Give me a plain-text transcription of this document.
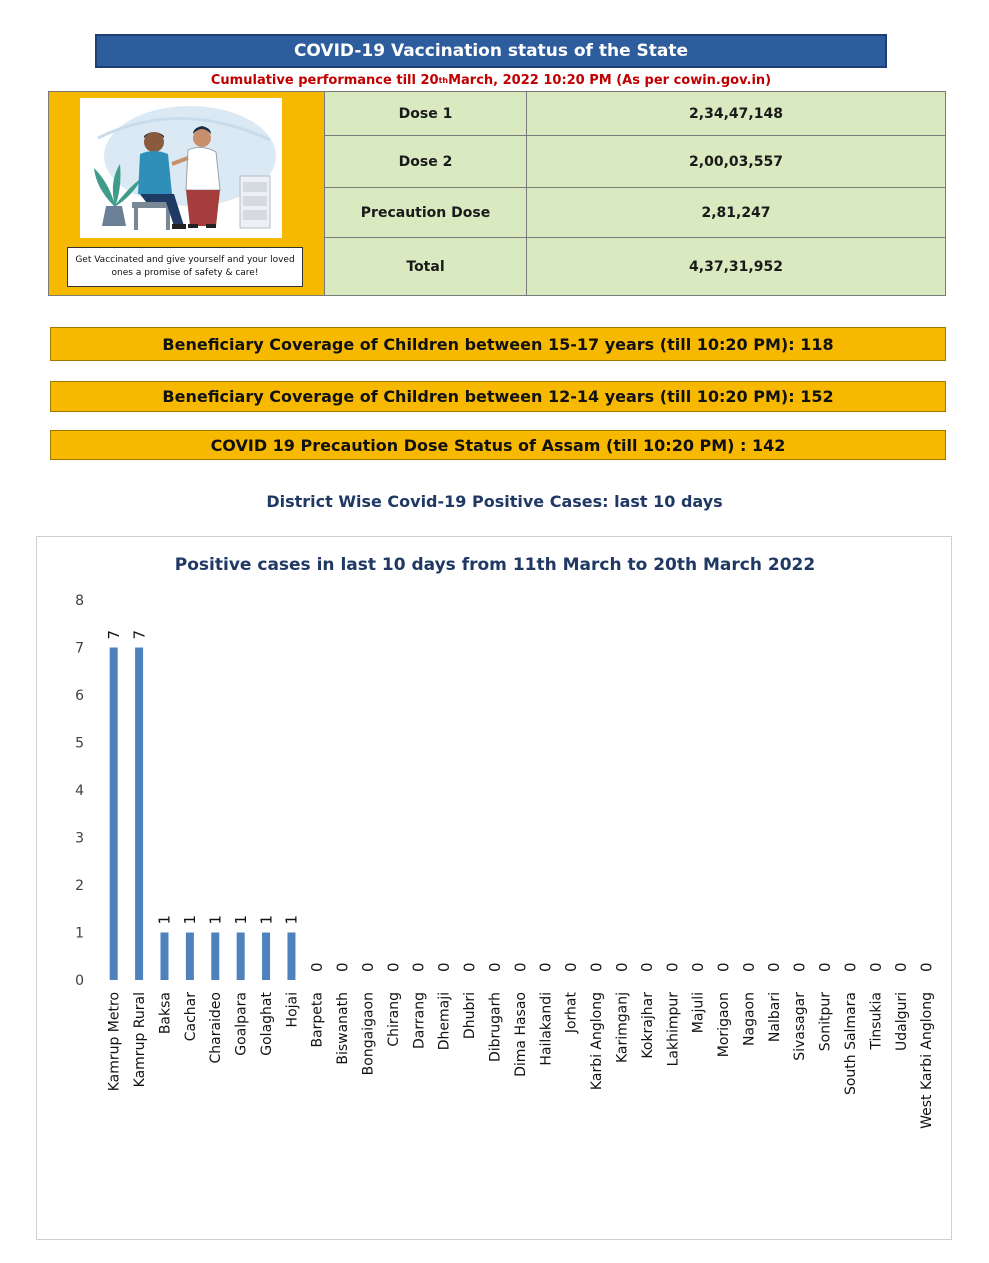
COVID-19 Vaccination status of the State
Cumulative performance till 20 th March, 2022 10:20 PM (As per cowin.gov.in)
Get Vaccinated and give yourself and your loved ones a promise of safety & care!
Dose 1	2,34,47,148
Dose 2	2,00,03,557
Precaution Dose	2,81,247
Total	4,37,31,952
Beneficiary Coverage of Children between 15-17 years (till 10:20 PM): 118
Beneficiary Coverage of Children between 12-14 years (till 10:20 PM): 152
COVID 19 Precaution Dose Status of Assam (till 10:20 PM) : 142
District Wise Covid-19 Positive Cases: last 10 days
Positive cases in last 10 days from 11th March to 20th March 2022
0
1
2
3
4
5
6
7
8
7
Kamrup Metro
7
Kamrup Rural
1
Baksa
1
Cachar
1
Charaideo
1
Goalpara
1
Golaghat
1
Hojai
0
Barpeta
0
Biswanath
0
Bongaigaon
0
Chirang
0
Darrang
0
Dhemaji
0
Dhubri
0
Dibrugarh
0
Dima Hasao
0
Hailakandi
0
Jorhat
0
Karbi Anglong
0
Karimganj
0
Kokrajhar
0
Lakhimpur
0
Majuli
0
Morigaon
0
Nagaon
0
Nalbari
0
Sivasagar
0
Sonitpur
0
South Salmara
0
Tinsukia
0
Udalguri
0
West Karbi Anglong
